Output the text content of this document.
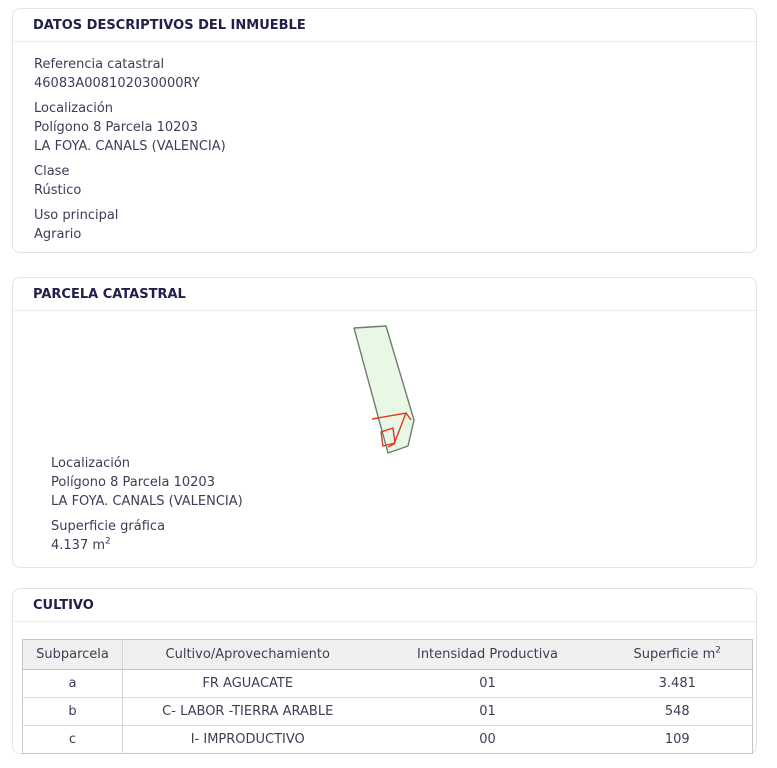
DATOS DESCRIPTIVOS DEL INMUEBLE
Referencia catastral
46083A008102030000RY
Localización
Polígono 8 Parcela 10203
LA FOYA. CANALS (VALENCIA)
Clase
Rústico
Uso principal
Agrario
PARCELA CATASTRAL
Localización
Polígono 8 Parcela 10203
LA FOYA. CANALS (VALENCIA)
Superficie gráfica
4.137 $m^2$
CULTIVO
Subparcela	Cultivo/Aprovechamiento	Intensidad Productiva	Superficie $m^2$
a	FR AGUACATE	01	3.481
b	C- LABOR -TIERRA ARABLE	01	548
c	I- IMPRODUCTIVO	00	109
